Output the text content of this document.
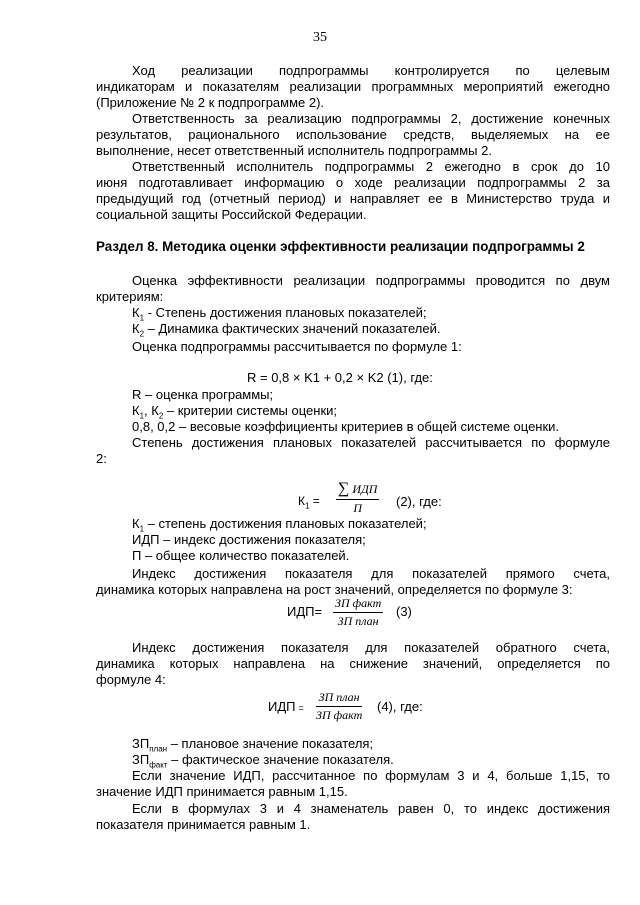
35
Ход реализации подпрограммы контролируется по целевым
индикаторам и показателям реализации программных мероприятий ежегодно
(Приложение № 2 к подпрограмме 2).
Ответственность за реализацию подпрограммы 2, достижение конечных
результатов, рационального использование средств, выделяемых на ее
выполнение, несет ответственный исполнитель подпрограммы 2.
Ответственный исполнитель подпрограммы 2 ежегодно в срок до 10
июня подготавливает информацию о ходе реализации подпрограммы 2 за
предыдущий год (отчетный период) и направляет ее в Министерство труда и
социальной защиты Российской Федерации.
Раздел 8. Методика оценки эффективности реализации подпрограммы 2
Оценка эффективности реализации подпрограммы проводится по двум
критериям:
$К_1$ - Степень достижения плановых показателей;
$К_2$ – Динамика фактических значений показателей.
Оценка подпрограммы рассчитывается по формуле 1:
R = 0,8 × K1 + 0,2 × K2 (1), где:
R – оценка программы;
$К_1$, $К_2$ – критерии системы оценки;
0,8, 0,2 – весовые коэффициенты критериев в общей системе оценки.
Степень достижения плановых показателей рассчитывается по формуле
2:
$К_1$ =
∑ ИДП
П	(2), где:
$К_1$ – степень достижения плановых показателей;
ИДП – индекс достижения показателя;
П – общее количество показателей.
Индекс достижения показателя для показателей прямого счета,
динамика которых направлена на рост значений, определяется по формуле 3:
ИДП=
ЗП факт
ЗП план
(3)
Индекс достижения показателя для показателей обратного счета,
динамика которых направлена на снижение значений, определяется по
формуле 4:
ИДП =
ЗП план
ЗП факт
(4), где:
$ЗП_{план}$ – плановое значение показателя;
$ЗП_{факт}$ – фактическое значение показателя.
Если значение ИДП, рассчитанное по формулам 3 и 4, больше 1,15, то
значение ИДП принимается равным 1,15.
Если в формулах 3 и 4 знаменатель равен 0, то индекс достижения
показателя принимается равным 1.
